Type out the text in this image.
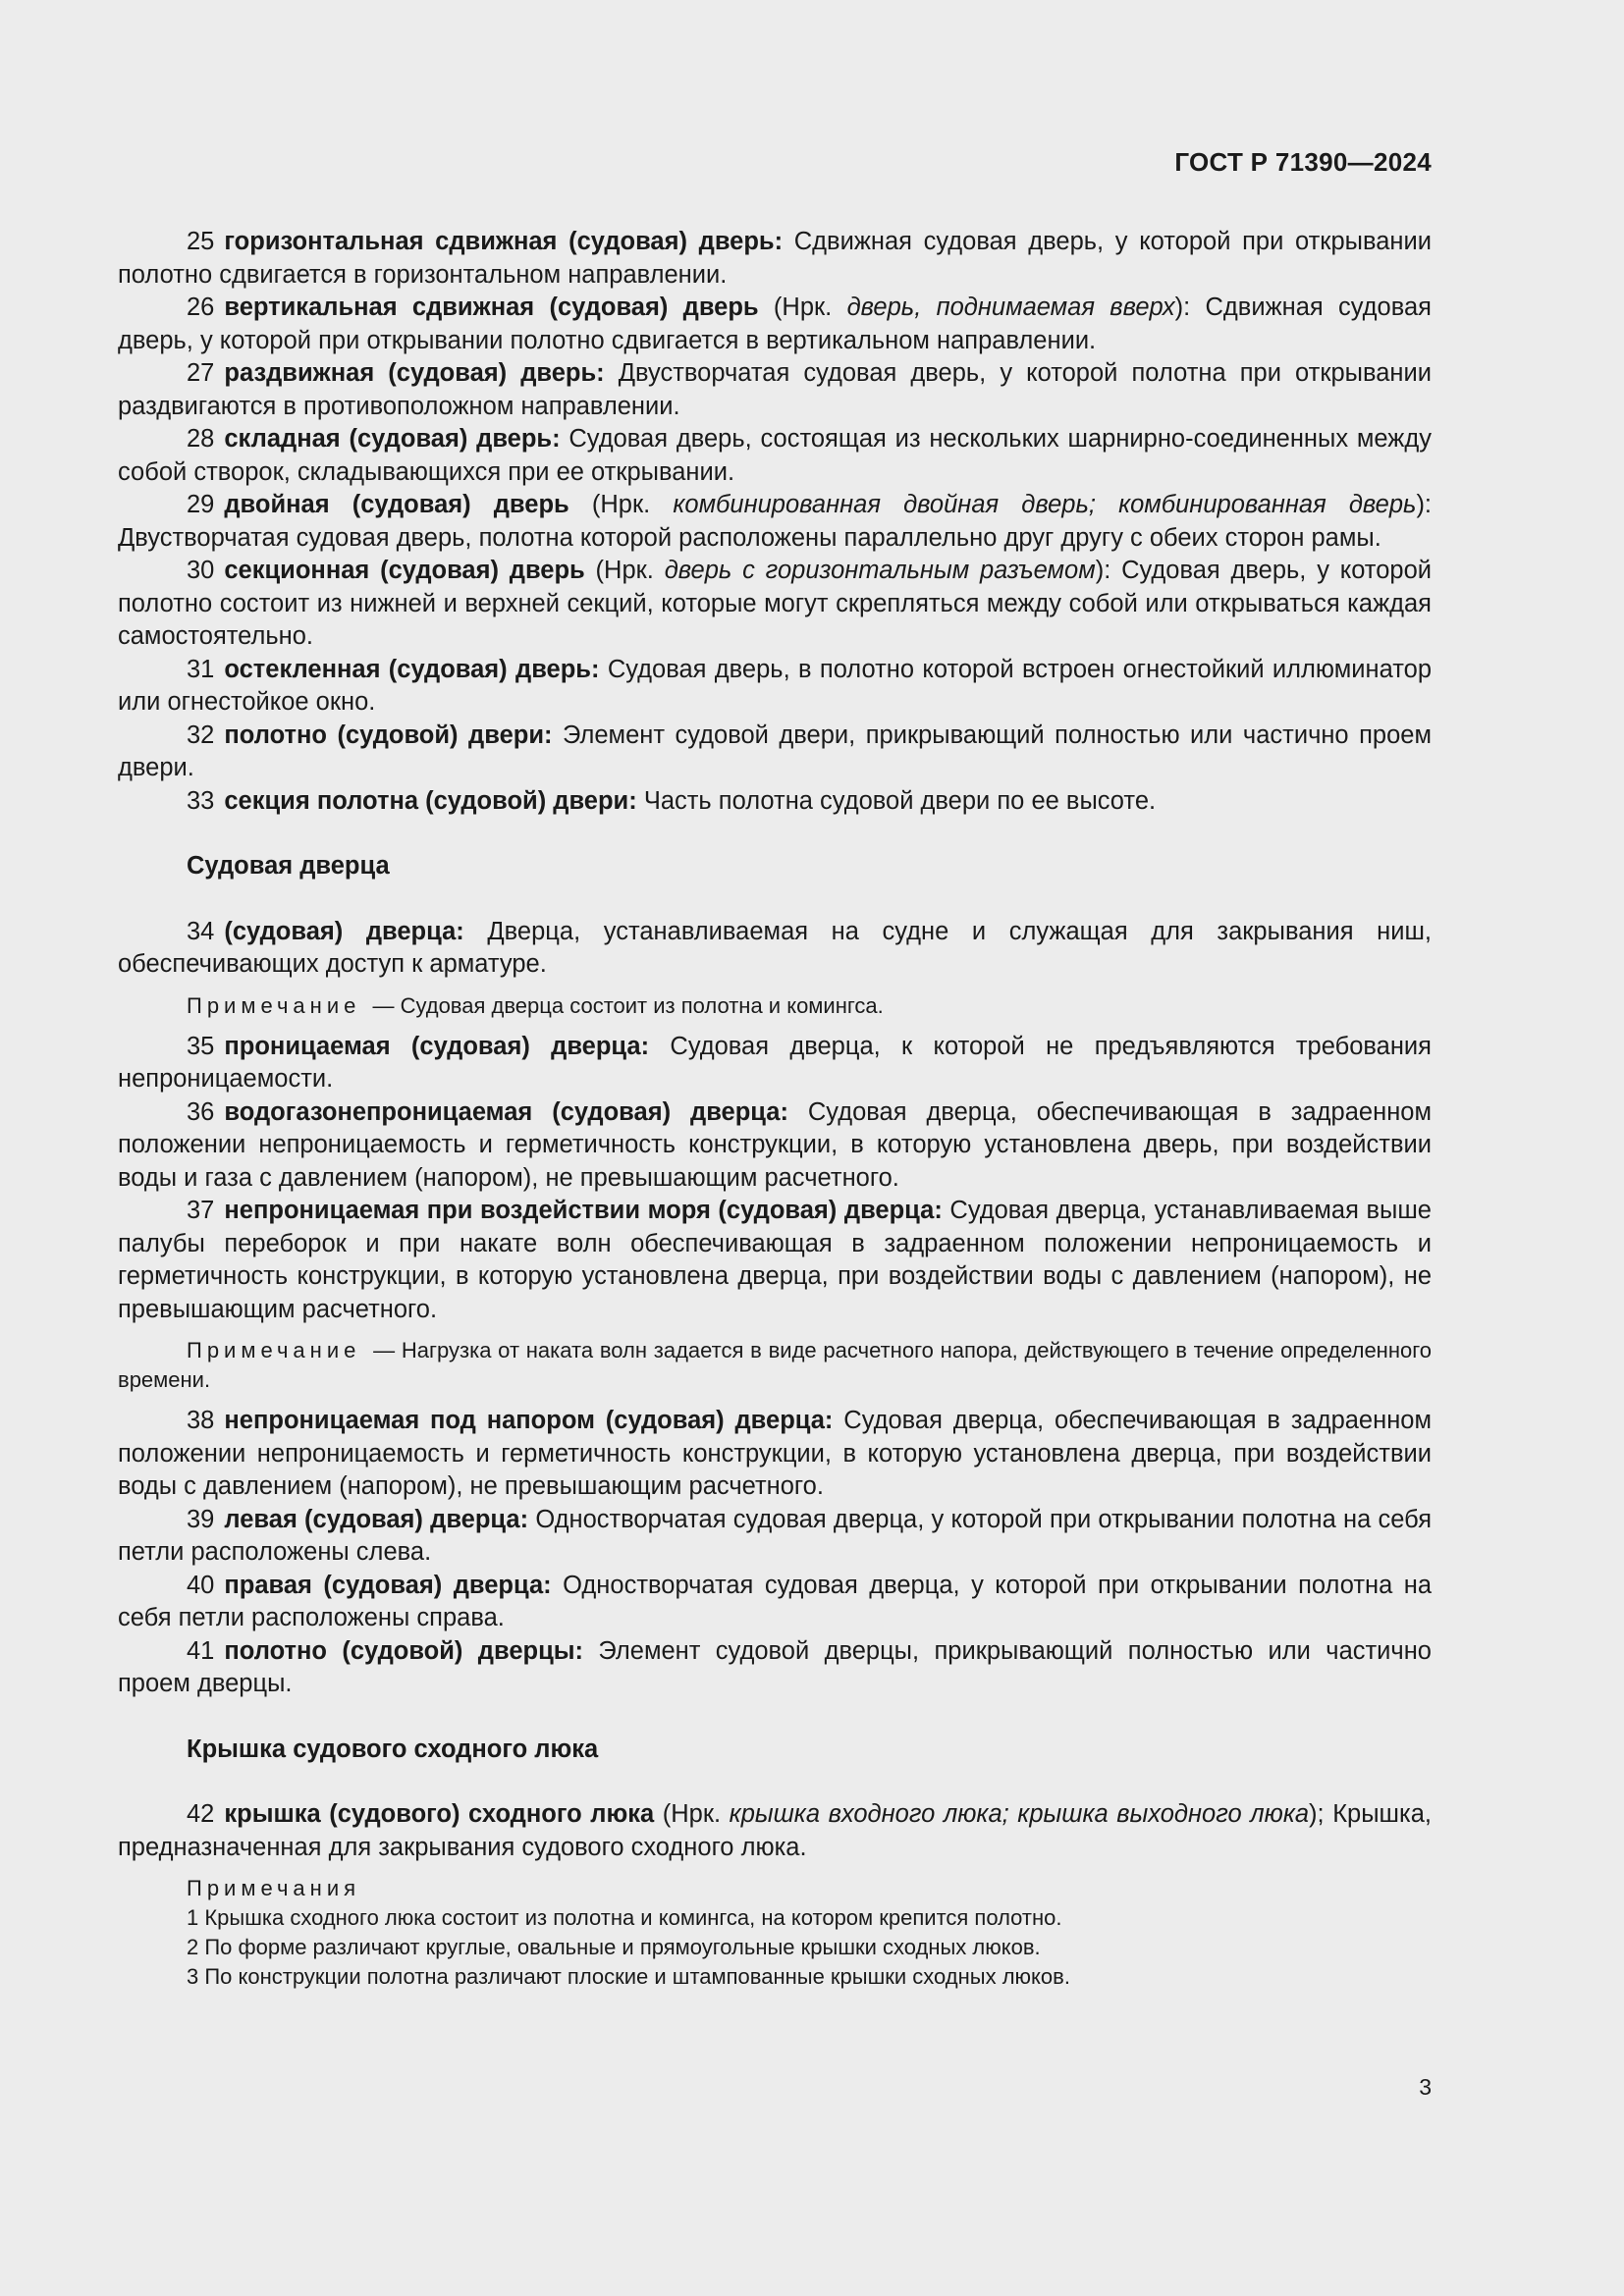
ГОСТ Р 71390—2024

25 горизонтальная сдвижная (судовая) дверь: Сдвижная судовая дверь, у которой при открывании полотно сдвигается в горизонтальном направлении.

26 вертикальная сдвижная (судовая) дверь (Нрк. дверь, поднимаемая вверх): Сдвижная судовая дверь, у которой при открывании полотно сдвигается в вертикальном направлении.

27 раздвижная (судовая) дверь: Двустворчатая судовая дверь, у которой полотна при открывании раздвигаются в противоположном направлении.

28 складная (судовая) дверь: Судовая дверь, состоящая из нескольких шарнирно-соединенных между собой створок, складывающихся при ее открывании.

29 двойная (судовая) дверь (Нрк. комбинированная двойная дверь; комбинированная дверь): Двустворчатая судовая дверь, полотна которой расположены параллельно друг другу с обеих сторон рамы.

30 секционная (судовая) дверь (Нрк. дверь с горизонтальным разъемом): Судовая дверь, у которой полотно состоит из нижней и верхней секций, которые могут скрепляться между собой или открываться каждая самостоятельно.

31 остекленная (судовая) дверь: Судовая дверь, в полотно которой встроен огнестойкий иллюминатор или огнестойкое окно.

32 полотно (судовой) двери: Элемент судовой двери, прикрывающий полностью или частично проем двери.

33 секция полотна (судовой) двери: Часть полотна судовой двери по ее высоте.

Судовая дверца

34 (судовая) дверца: Дверца, устанавливаемая на судне и служащая для закрывания ниш, обеспечивающих доступ к арматуре.

Примечание — Судовая дверца состоит из полотна и комингса.

35 проницаемая (судовая) дверца: Судовая дверца, к которой не предъявляются требования непроницаемости.

36 водогазонепроницаемая (судовая) дверца: Судовая дверца, обеспечивающая в задраенном положении непроницаемость и герметичность конструкции, в которую установлена дверь, при воздействии воды и газа с давлением (напором), не превышающим расчетного.

37 непроницаемая при воздействии моря (судовая) дверца: Судовая дверца, устанавливаемая выше палубы переборок и при накате волн обеспечивающая в задраенном положении непроницаемость и герметичность конструкции, в которую установлена дверца, при воздействии воды с давлением (напором), не превышающим расчетного.

Примечание — Нагрузка от наката волн задается в виде расчетного напора, действующего в течение определенного времени.

38 непроницаемая под напором (судовая) дверца: Судовая дверца, обеспечивающая в задраенном положении непроницаемость и герметичность конструкции, в которую установлена дверца, при воздействии воды с давлением (напором), не превышающим расчетного.

39 левая (судовая) дверца: Одностворчатая судовая дверца, у которой при открывании полотна на себя петли расположены слева.

40 правая (судовая) дверца: Одностворчатая судовая дверца, у которой при открывании полотна на себя петли расположены справа.

41 полотно (судовой) дверцы: Элемент судовой дверцы, прикрывающий полностью или частично проем дверцы.

Крышка судового сходного люка

42 крышка (судового) сходного люка (Нрк. крышка входного люка; крышка выходного люка); Крышка, предназначенная для закрывания судового сходного люка.

Примечания
1 Крышка сходного люка состоит из полотна и комингса, на котором крепится полотно.
2 По форме различают круглые, овальные и прямоугольные крышки сходных люков.
3 По конструкции полотна различают плоские и штампованные крышки сходных люков.
3
